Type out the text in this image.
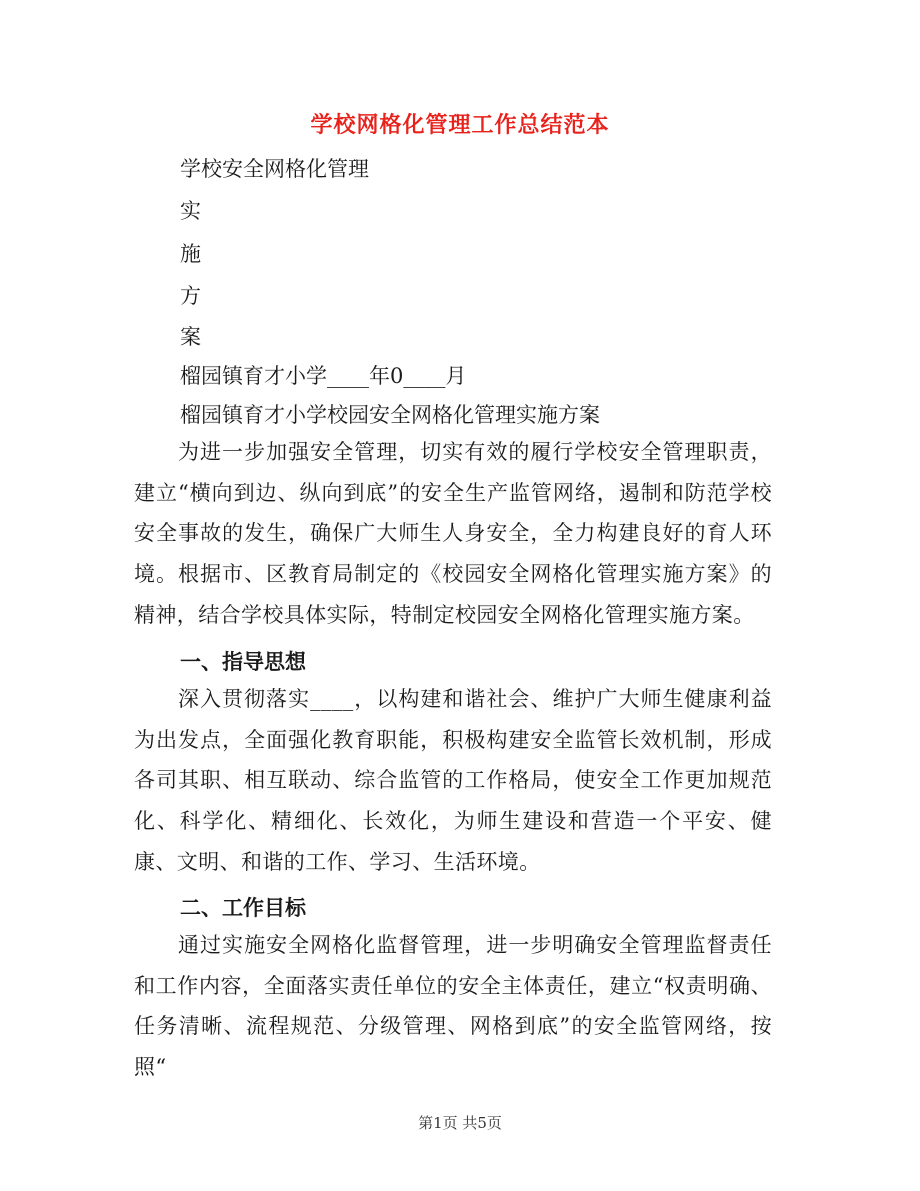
学校网格化管理工作总结范本
学校安全网格化管理
实
施
方
案
榴园镇育才小学____年0____月
榴园镇育才小学校园安全网格化管理实施方案
为进一步加强安全管理，切实有效的履行学校安全管理职责，建立“横向到边、纵向到底”的安全生产监管网络，遏制和防范学校安全事故的发生，确保广大师生人身安全，全力构建良好的育人环境。根据市、区教育局制定的《校园安全网格化管理实施方案》的精神，结合学校具体实际，特制定校园安全网格化管理实施方案。
一、指导思想
深入贯彻落实____，以构建和谐社会、维护广大师生健康利益为出发点，全面强化教育职能，积极构建安全监管长效机制，形成各司其职、相互联动、综合监管的工作格局，使安全工作更加规范化、科学化、精细化、长效化，为师生建设和营造一个平安、健康、文明、和谐的工作、学习、生活环境。
二、工作目标
通过实施安全网格化监督管理，进一步明确安全管理监督责任和工作内容，全面落实责任单位的安全主体责任，建立“权责明确、任务清晰、流程规范、分级管理、网格到底”的安全监管网络，按照“
第1页 共5页
